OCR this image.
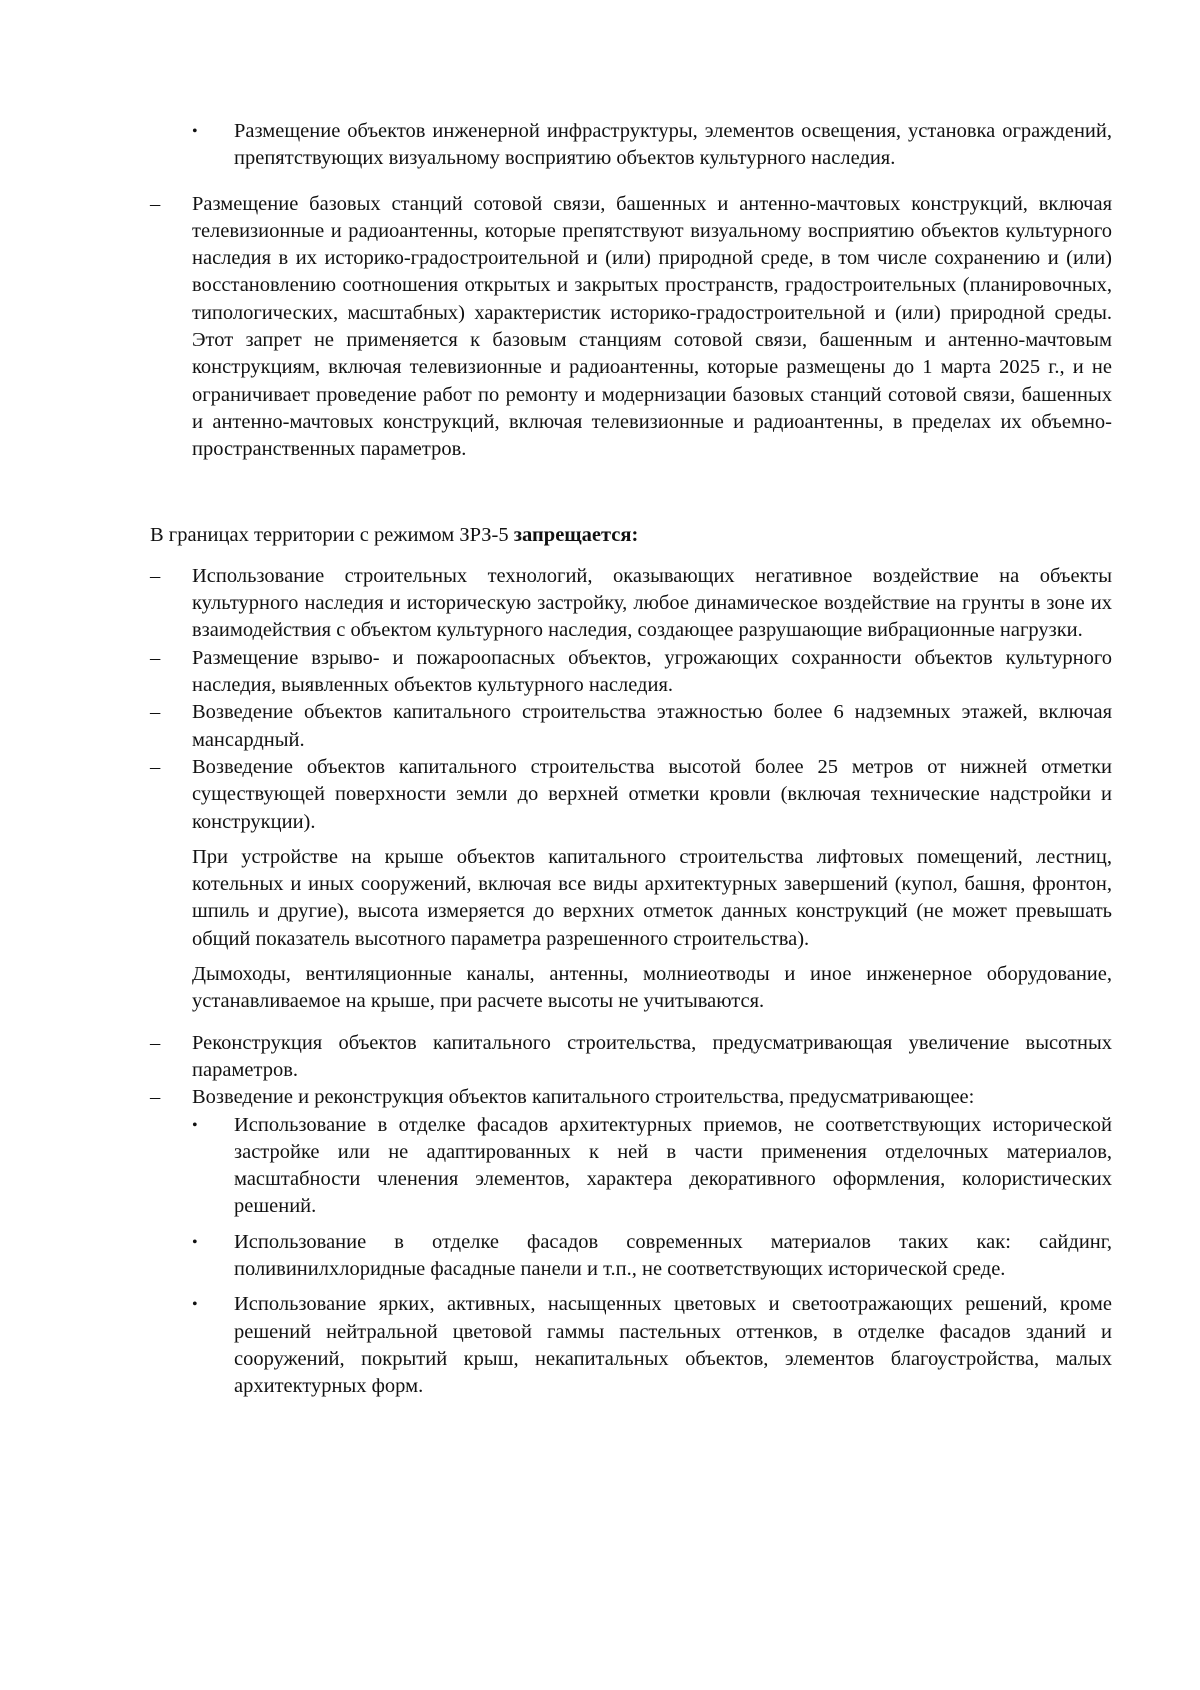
• Размещение объектов инженерной инфраструктуры, элементов освещения, установка ограждений, препятствующих визуальному восприятию объектов культурного наследия.
–	Размещение базовых станций сотовой связи, башенных и антенно-мачтовых конструкций, включая телевизионные и радиоантенны, которые препятствуют визуальному восприятию объектов культурного наследия в их историко-градостроительной и (или) природной среде, в том числе сохранению и (или) восстановлению соотношения открытых и закрытых пространств, градостроительных (планировочных, типологических, масштабных) характеристик историко-градостроительной и (или) природной среды. Этот запрет не применяется к базовым станциям сотовой связи, башенным и антенно-мачтовым конструкциям, включая телевизионные и радиоантенны, которые размещены до 1 марта 2025 г., и не ограничивает проведение работ по ремонту и модернизации базовых станций сотовой связи, башенных и антенно-мачтовых конструкций, включая телевизионные и радиоантенны, в пределах их объемно-пространственных параметров.
В границах территории с режимом ЗРЗ-5 запрещается:
–	Использование строительных технологий, оказывающих негативное воздействие на объекты культурного наследия и историческую застройку, любое динамическое воздействие на грунты в зоне их взаимодействия с объектом культурного наследия, создающее разрушающие вибрационные нагрузки.
–	Размещение взрыво- и пожароопасных объектов, угрожающих сохранности объектов культурного наследия, выявленных объектов культурного наследия.
–	Возведение объектов капитального строительства этажностью более 6 надземных этажей, включая мансардный.
–	Возведение объектов капитального строительства высотой более 25 метров от нижней отметки существующей поверхности земли до верхней отметки кровли (включая технические надстройки и конструкции).
При устройстве на крыше объектов капитального строительства лифтовых помещений, лестниц, котельных и иных сооружений, включая все виды архитектурных завершений (купол, башня, фронтон, шпиль и другие), высота измеряется до верхних отметок данных конструкций (не может превышать общий показатель высотного параметра разрешенного строительства).
Дымоходы, вентиляционные каналы, антенны, молниеотводы и иное инженерное оборудование, устанавливаемое на крыше, при расчете высоты не учитываются.
–	Реконструкция объектов капитального строительства, предусматривающая увеличение высотных параметров.
–	Возведение и реконструкция объектов капитального строительства, предусматривающее:
• Использование в отделке фасадов архитектурных приемов, не соответствующих исторической застройке или не адаптированных к ней в части применения отделочных материалов, масштабности членения элементов, характера декоративного оформления, колористических решений.
• Использование в отделке фасадов современных материалов таких как: сайдинг, поливинилхлоридные фасадные панели и т.п., не соответствующих исторической среде.
• Использование ярких, активных, насыщенных цветовых и светоотражающих решений, кроме решений нейтральной цветовой гаммы пастельных оттенков, в отделке фасадов зданий и сооружений, покрытий крыш, некапитальных объектов, элементов благоустройства, малых архитектурных форм.
